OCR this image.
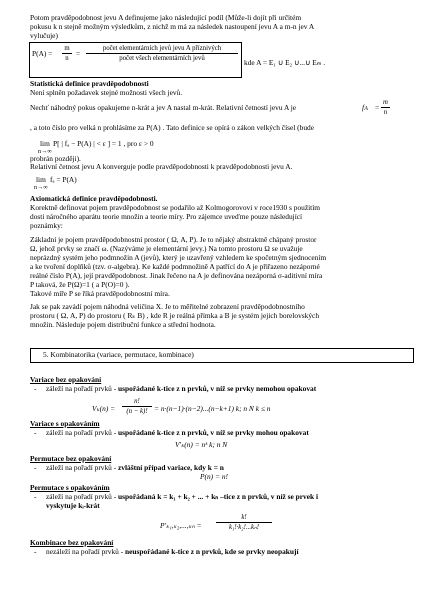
Potom pravděpodobnost jevu A definujeme jako následující podíl (Může-li dojít při určitém
pokusu k n stejně možným výsledkům, z nichž m má za následek nastoupení jevu A a m-n jev A
vylučuje)
$P(A) = \frac{m}{n}$ =
počet elementárních jevů jevu A příznivých
počet všech elementárních jevů	kde A = E₁ ∪ E₂ ∪...∪ Eₘ .
Statistická definice pravděpodobnosti
Není splněn požadavek stejné možnosti všech jevů.
Nechť náhodný pokus opakujeme n-krát a jev A nastal m-krát. Relativní četností jevu A je	fA = $\frac{m}{n}$
, a toto číslo pro velká n prohlásíme za P(A) . Tato definice se opírá o zákon velkých čísel (bude
lim P[ | fₐ − P(A) | < ε ] = 1 , pro ε > 0
n→∞
probrán později).
Relativní četnost jevu A konverguje podle pravděpodobnosti k pravděpodobnosti jevu A.
lim fₐ = P(A)
n→∞
Axiomatická definice pravděpodobnosti.
Korektně definovat pojem pravděpodobnost se podařilo až Kolmogorovovi v roce1930 s použitím
dosti náročného aparátu teorie množin a teorie míry. Pro zájemce uveďme pouze následující
poznámky:
Základní je pojem pravděpodobnostní prostor ( Ω, A, P). Je to nějaký abstraktně chápaný prostor
Ω, jehož prvky se značí ω. (Nazýváme je elementární jevy.) Na tomto prostoru Ω se uvažuje
neprázdný systém jeho podmnožin A (jevů), který je uzavřený vzhledem ke spočetným sjednocením
a ke tvoření doplňků (tzv. σ-algebra). Ke každé podmnožině A patřící do A je přiřazeno nezáporné
reálné číslo P(A), její pravděpodobnost. Jinak řečeno na A je definována nezáporná σ-aditivní míra
P taková, že P(Ω)=1 ( a P(O)=0 ).
Takové míře P se říká pravděpodobnostní míra.
Jak se pak zavádí pojem náhodná veličina X. Je to měřitelné zobrazení pravděpodobnostního
prostoru ( Ω, A, P) do prostoru ( Rₖ B) , kde R je reálná přímka a B je systém jejich borelovských
množin. Následuje pojem distribuční funkce a střední hodnota.
5. Kombinatorika (variace, permutace, kombinace)
Variace bez opakování
- záleží na pořadí prvků - uspořádané k-tice z n prvků, v níž se prvky nemohou opakovat
$V_k(n) = \frac{n!}{(n - k)!} = n\cdot(n-1)\cdot(n-2)...(n-k+1)$ k; n N k ≤ n
Variace s opakováním
- záleží na pořadí prvků - uspořádané k-tice z n prvků, v níž se prvky mohou opakovat
V'ₖ(n) = nᵏ k; n N
Permutace bez opakování
- záleží na pořadí prvků - zvláštní případ variace, kdy k = n
P(n) = n!
Permutace s opakováním
- záleží na pořadí prvků - uspořádaná k = k₁ + k₂ + ... + kₙ –tice z n prvků, v níž se prvek i
vyskytuje kᵢ-krát
$P'_{k1},_{k2},...,_{kn} = \frac{k!}{\text{k₁!·k₂!...kₙ!}}$
Kombinace bez opakování
- nezáleží na pořadí prvků - neuspořádané k-tice z n prvků, kde se prvky neopakují
